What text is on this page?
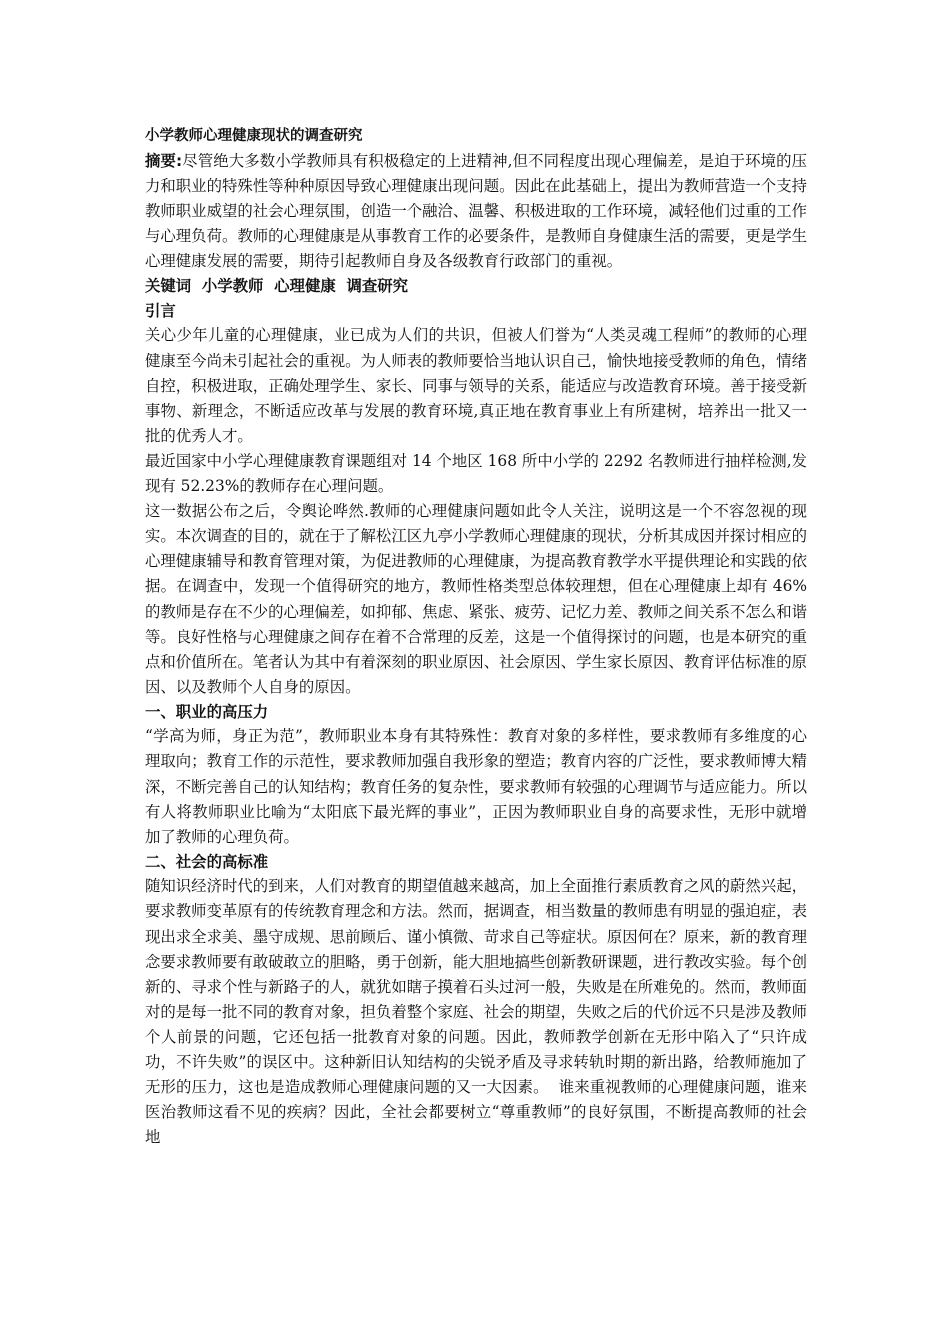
小学教师心理健康现状的调查研究

摘要:尽管绝大多数小学教师具有积极稳定的上进精神,但不同程度出现心理偏差，是迫于环境的压力和职业的特殊性等种种原因导致心理健康出现问题。因此在此基础上，提出为教师营造一个支持教师职业威望的社会心理氛围，创造一个融洽、温馨、积极进取的工作环境，减轻他们过重的工作与心理负荷。教师的心理健康是从事教育工作的必要条件，是教师自身健康生活的需要，更是学生心理健康发展的需要，期待引起教师自身及各级教育行政部门的重视。

关键词  小学教师  心理健康  调查研究

引言

关心少年儿童的心理健康，业已成为人们的共识，但被人们誉为“人类灵魂工程师”的教师的心理健康至今尚未引起社会的重视。为人师表的教师要恰当地认识自己，愉快地接受教师的角色，情绪自控，积极进取，正确处理学生、家长、同事与领导的关系，能适应与改造教育环境。善于接受新事物、新理念，不断适应改革与发展的教育环境,真正地在教育事业上有所建树，培养出一批又一批的优秀人才。

最近国家中小学心理健康教育课题组对 14 个地区 168 所中小学的 2292 名教师进行抽样检测,发现有 52.23%的教师存在心理问题。

这一数据公布之后，令舆论哗然.教师的心理健康问题如此令人关注，说明这是一个不容忽视的现实。本次调查的目的，就在于了解松江区九亭小学教师心理健康的现状，分析其成因并探讨相应的心理健康辅导和教育管理对策，为促进教师的心理健康，为提高教育教学水平提供理论和实践的依据。在调查中，发现一个值得研究的地方，教师性格类型总体较理想，但在心理健康上却有 46%的教师是存在不少的心理偏差，如抑郁、焦虑、紧张、疲劳、记忆力差、教师之间关系不怎么和谐等。良好性格与心理健康之间存在着不合常理的反差，这是一个值得探讨的问题，也是本研究的重点和价值所在。笔者认为其中有着深刻的职业原因、社会原因、学生家长原因、教育评估标准的原因、以及教师个人自身的原因。

一、职业的高压力

“学高为师，身正为范”，教师职业本身有其特殊性：教育对象的多样性，要求教师有多维度的心理取向；教育工作的示范性，要求教师加强自我形象的塑造；教育内容的广泛性，要求教师博大精深，不断完善自己的认知结构；教育任务的复杂性，要求教师有较强的心理调节与适应能力。所以有人将教师职业比喻为“太阳底下最光辉的事业”，正因为教师职业自身的高要求性，无形中就增加了教师的心理负荷。

二、社会的高标准

随知识经济时代的到来，人们对教育的期望值越来越高，加上全面推行素质教育之风的蔚然兴起，要求教师变革原有的传统教育理念和方法。然而，据调查，相当数量的教师患有明显的强迫症，表现出求全求美、墨守成规、思前顾后、谨小慎微、苛求自己等症状。原因何在？原来，新的教育理念要求教师要有敢破敢立的胆略，勇于创新，能大胆地搞些创新教研课题，进行教改实验。每个创新的、寻求个性与新路子的人，就犹如瞎子摸着石头过河一般，失败是在所难免的。然而，教师面对的是每一批不同的教育对象，担负着整个家庭、社会的期望，失败之后的代价远不只是涉及教师个人前景的问题，它还包括一批教育对象的问题。因此，教师教学创新在无形中陷入了“只许成功，不许失败”的误区中。这种新旧认知结构的尖锐矛盾及寻求转轨时期的新出路，给教师施加了无形的压力，这也是造成教师心理健康问题的又一大因素。  谁来重视教师的心理健康问题，谁来医治教师这看不见的疾病？因此，全社会都要树立“尊重教师”的良好氛围，不断提高教师的社会地
